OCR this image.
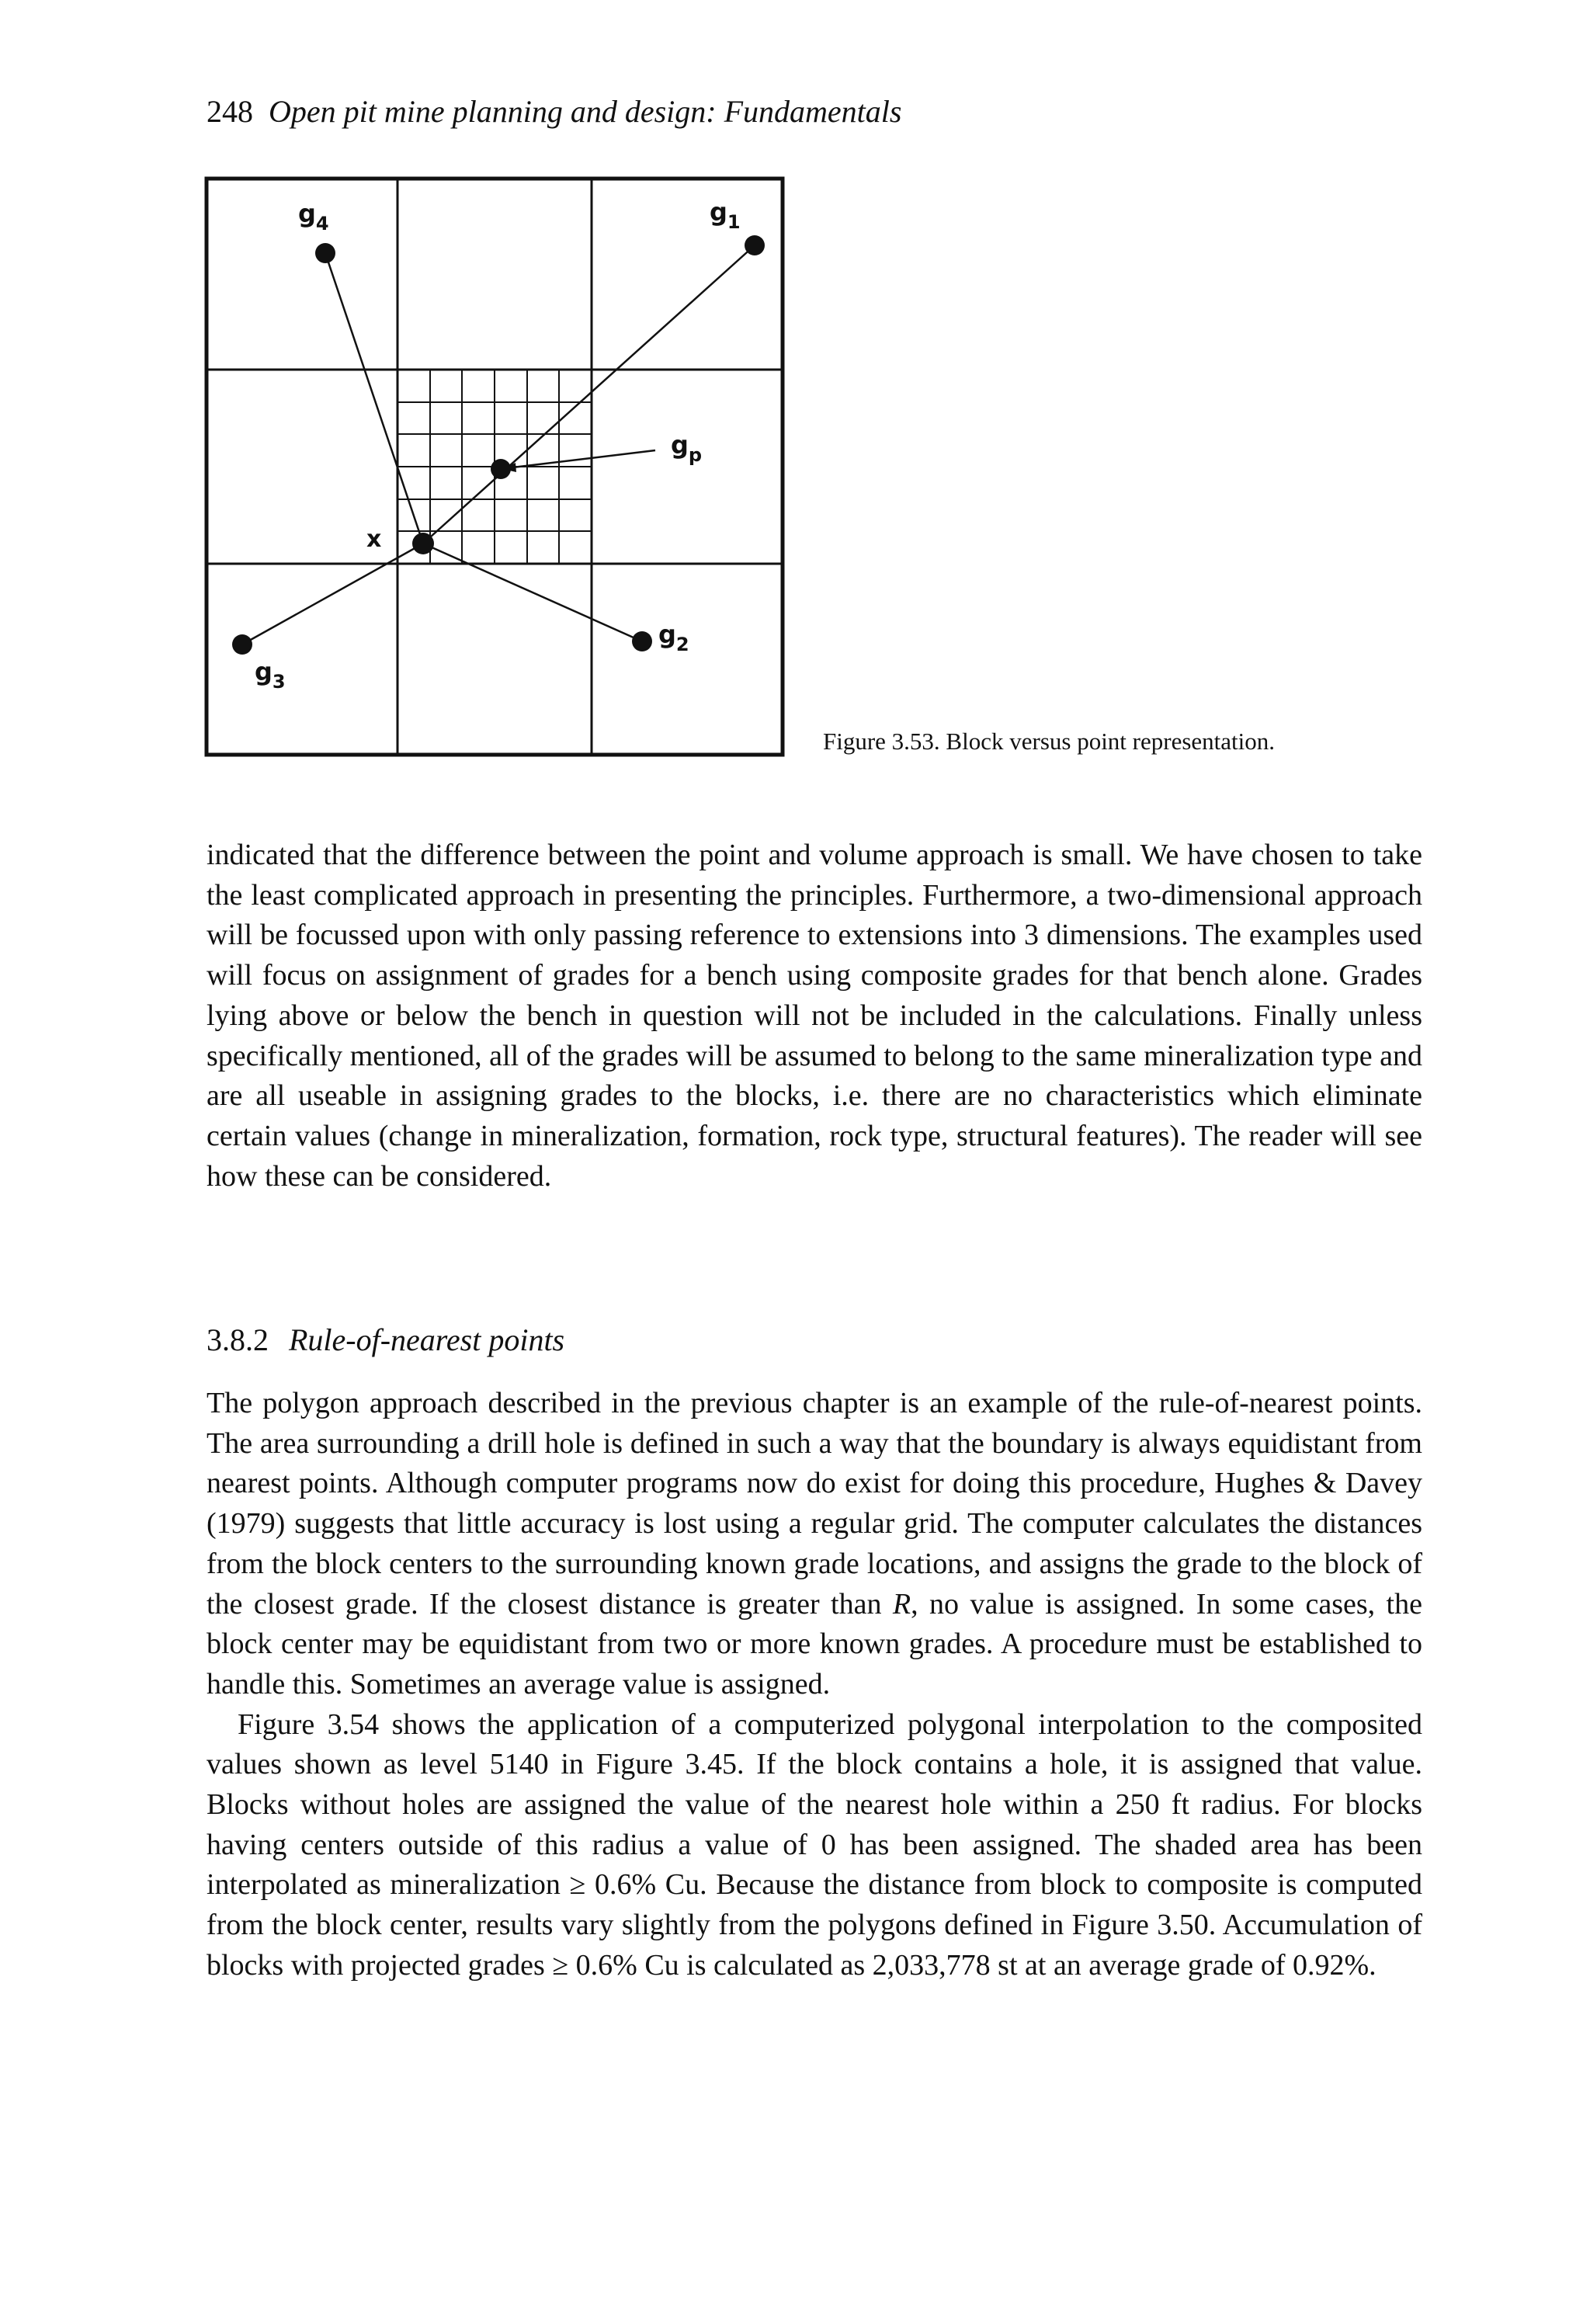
248 Open pit mine planning and design: Fundamentals
$g_4$	$g_1$
$g_p$
x
$g_2$
$g_3$
Figure 3.53. Block versus point representation.

indicated that the difference between the point and volume approach is small. We have chosen to take the least complicated approach in presenting the principles. Furthermore, a two-dimensional approach will be focussed upon with only passing reference to extensions into 3 dimensions. The examples used will focus on assignment of grades for a bench using composite grades for that bench alone. Grades lying above or below the bench in question will not be included in the calculations. Finally unless specifically mentioned, all of the grades will be assumed to belong to the same mineralization type and are all useable in assigning grades to the blocks, i.e. there are no characteristics which eliminate certain values (change in mineralization, formation, rock type, structural features). The reader will see how these can be considered.

3.8.2 Rule-of-nearest points

The polygon approach described in the previous chapter is an example of the rule-of-nearest points. The area surrounding a drill hole is defined in such a way that the boundary is always equidistant from nearest points. Although computer programs now do exist for doing this procedure, Hughes & Davey (1979) suggests that little accuracy is lost using a regular grid. The computer calculates the distances from the block centers to the surrounding known grade locations, and assigns the grade to the block of the closest grade. If the closest distance is greater than R, no value is assigned. In some cases, the block center may be equidistant from two or more known grades. A procedure must be established to handle this. Sometimes an average value is assigned.

Figure 3.54 shows the application of a computerized polygonal interpolation to the composited values shown as level 5140 in Figure 3.45. If the block contains a hole, it is assigned that value. Blocks without holes are assigned the value of the nearest hole within a 250 ft radius. For blocks having centers outside of this radius a value of 0 has been assigned. The shaded area has been interpolated as mineralization ≥ 0.6% Cu. Because the distance from block to composite is computed from the block center, results vary slightly from the polygons defined in Figure 3.50. Accumulation of blocks with projected grades ≥ 0.6% Cu is calculated as 2,033,778 st at an average grade of 0.92%.
